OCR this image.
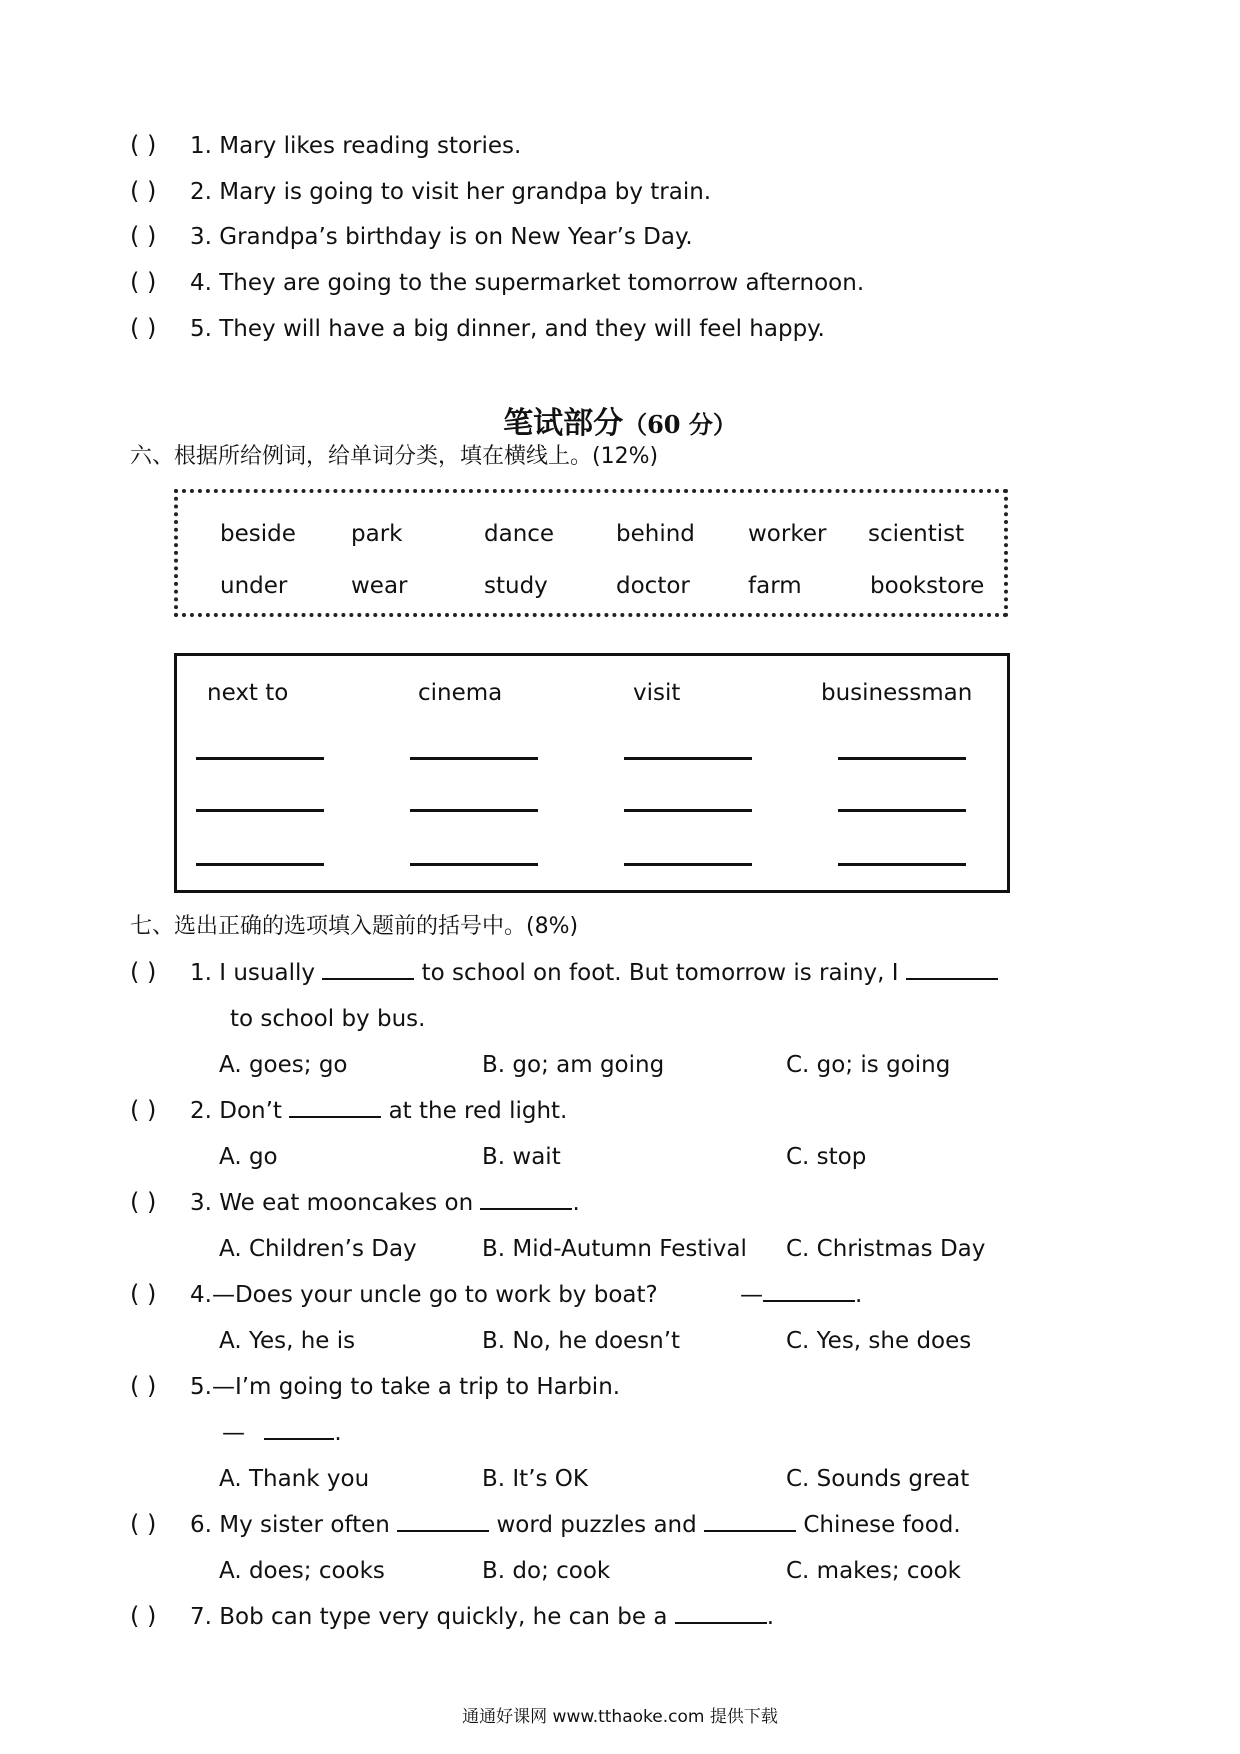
( ) 1. Mary likes reading stories.
( ) 2. Mary is going to visit her grandpa by train.
( ) 3. Grandpa’s birthday is on New Year’s Day.
( ) 4. They are going to the supermarket tomorrow afternoon.
( ) 5. They will have a big dinner, and they will feel happy.
笔试部分（60 分）
六、根据所给例词，给单词分类，填在横线上。(12%)
beside park	dance	behind worker scientist
under	wear	study	doctor	farm	bookstore
next to	cinema	visit	businessman
七、选出正确的选项填入题前的括号中。(8%)
( ) 1. I usually	to school on foot. But tomorrow is rainy, I
to school by bus.
A. goes; go	B. go; am going	C. go; is going
( ) 2. Don’t	at the red light.
A. go	B. wait	C. stop
( ) 3. We eat mooncakes on	.
A. Children’s Day	B. Mid-Autumn Festival C. Christmas Day
( ) 4.—Does your uncle go to work by boat?	—	.
A. Yes, he is	B. No, he doesn’t	C. Yes, she does
( ) 5.—I’m going to take a trip to Harbin.
—	.
A. Thank you	B. It’s OK	C. Sounds great
( ) 6. My sister often	word puzzles and	Chinese food.
A. does; cooks	B. do; cook	C. makes; cook
( ) 7. Bob can type very quickly, he can be a	.
通通好课网 www.tthaoke.com 提供下载
